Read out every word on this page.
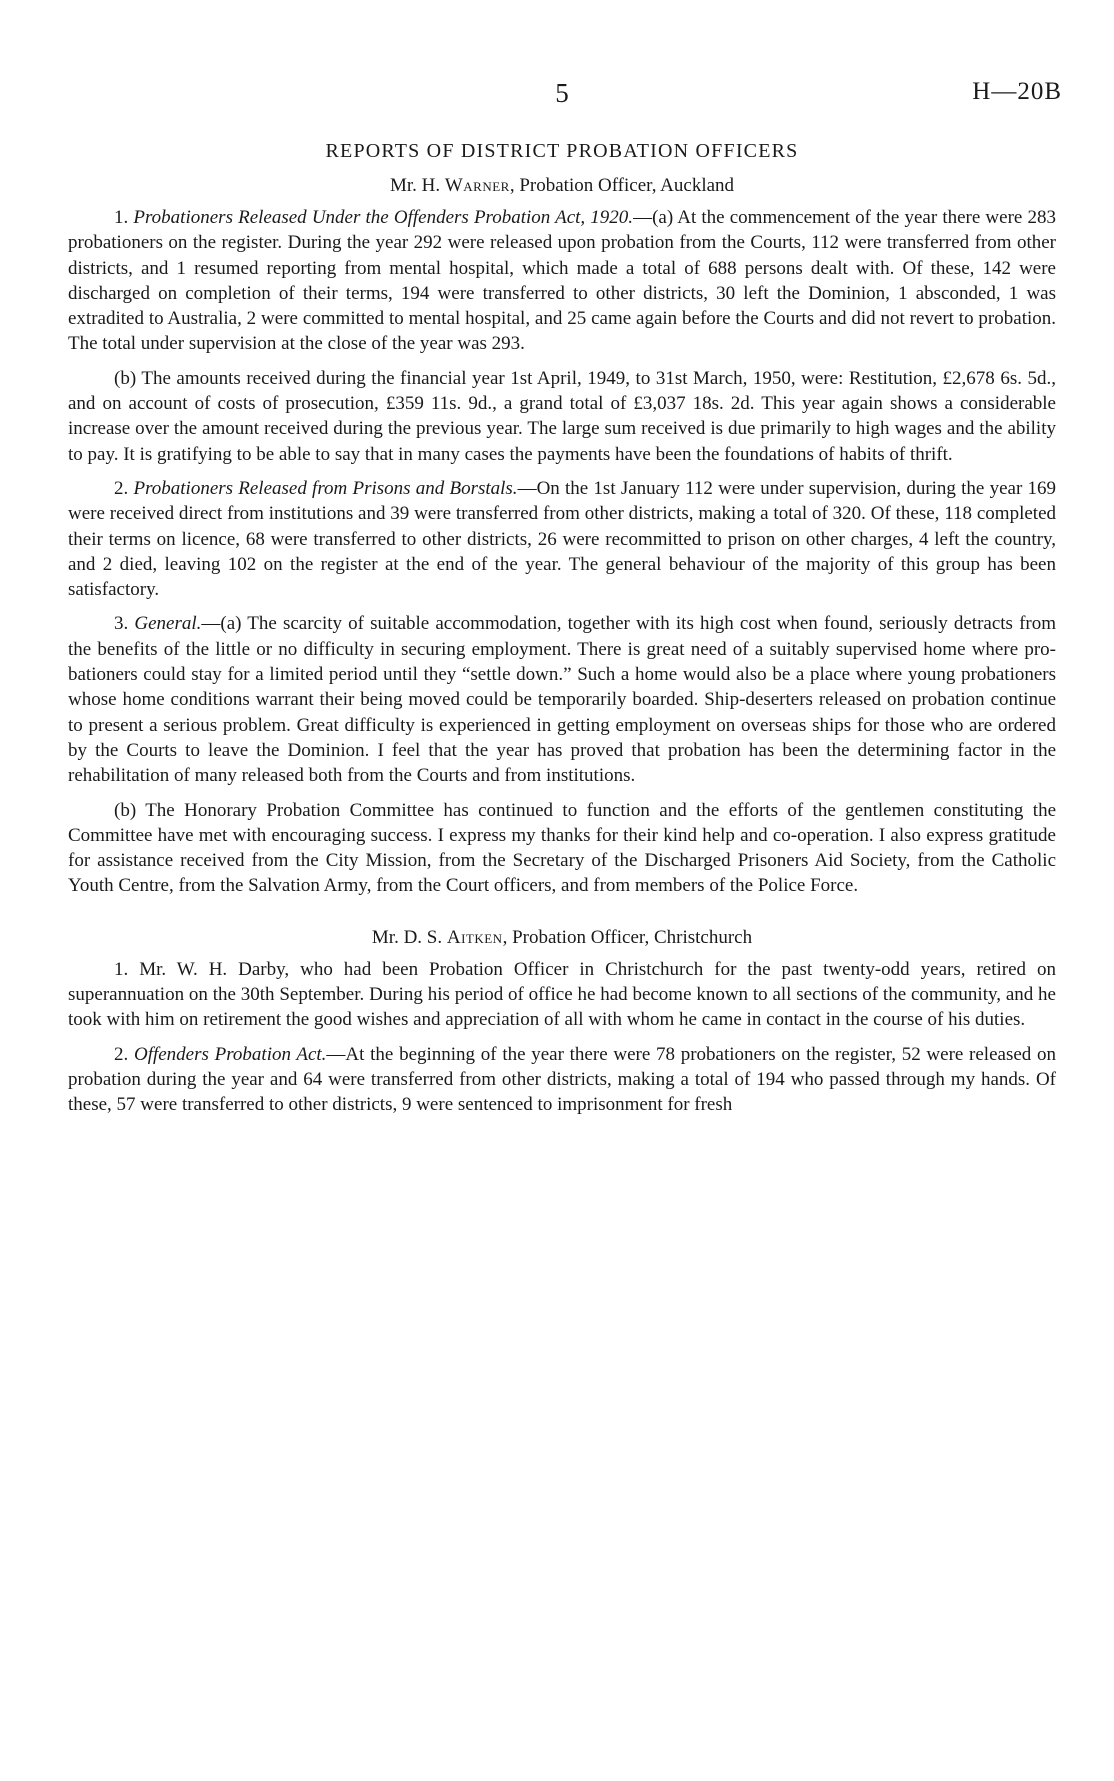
5	H—20B
REPORTS OF DISTRICT PROBATION OFFICERS
Mr. H. Warner, Probation Officer, Auckland

1. Probationers Released Under the Offenders Probation Act, 1920.—(a) At the commencement of the year there were 283 probationers on the register. During the year 292 were released upon probation from the Courts, 112 were transferred from other districts, and 1 resumed reporting from mental hospital, which made a total of 688 persons dealt with. Of these, 142 were discharged on completion of their terms, 194 were transferred to other districts, 30 left the Dominion, 1 absconded, 1 was extradited to Australia, 2 were committed to mental hospital, and 25 came again before the Courts and did not revert to probation. The total under supervision at the close of the year was 293.

(b) The amounts received during the financial year 1st April, 1949, to 31st March, 1950, were: Restitution, £2,678 6s. 5d., and on account of costs of prosecution, £359 11s. 9d., a grand total of £3,037 18s. 2d. This year again shows a considerable increase over the amount received during the previous year. The large sum received is due primarily to high wages and the ability to pay. It is gratifying to be able to say that in many cases the payments have been the foundations of habits of thrift.

2. Probationers Released from Prisons and Borstals.—On the 1st January 112 were under supervision, during the year 169 were received direct from institutions and 39 were transferred from other districts, making a total of 320. Of these, 118 completed their terms on licence, 68 were transferred to other districts, 26 were recommitted to prison on other charges, 4 left the country, and 2 died, leaving 102 on the register at the end of the year. The general behaviour of the majority of this group has been satisfactory.

3. General.—(a) The scarcity of suitable accommodation, together with its high cost when found, seriously detracts from the benefits of the little or no difficulty in securing employment. There is great need of a suitably supervised home where probationers could stay for a limited period until they “settle down.” Such a home would also be a place where young probationers whose home conditions warrant their being moved could be temporarily boarded. Ship-deserters released on probation continue to present a serious problem. Great difficulty is experienced in getting employment on overseas ships for those who are ordered by the Courts to leave the Dominion. I feel that the year has proved that probation has been the determining factor in the rehabilitation of many released both from the Courts and from institutions.

(b) The Honorary Probation Committee has continued to function and the efforts of the gentlemen constituting the Committee have met with encouraging success. I express my thanks for their kind help and co-operation. I also express gratitude for assistance received from the City Mission, from the Secretary of the Discharged Prisoners Aid Society, from the Catholic Youth Centre, from the Salvation Army, from the Court officers, and from members of the Police Force.

Mr. D. S. Aitken, Probation Officer, Christchurch

1. Mr. W. H. Darby, who had been Probation Officer in Christchurch for the past twenty-odd years, retired on superannuation on the 30th September. During his period of office he had become known to all sections of the community, and he took with him on retirement the good wishes and appreciation of all with whom he came in contact in the course of his duties.

2. Offenders Probation Act.—At the beginning of the year there were 78 probationers on the register, 52 were released on probation during the year and 64 were transferred from other districts, making a total of 194 who passed through my hands. Of these, 57 were transferred to other districts, 9 were sentenced to imprisonment for fresh
